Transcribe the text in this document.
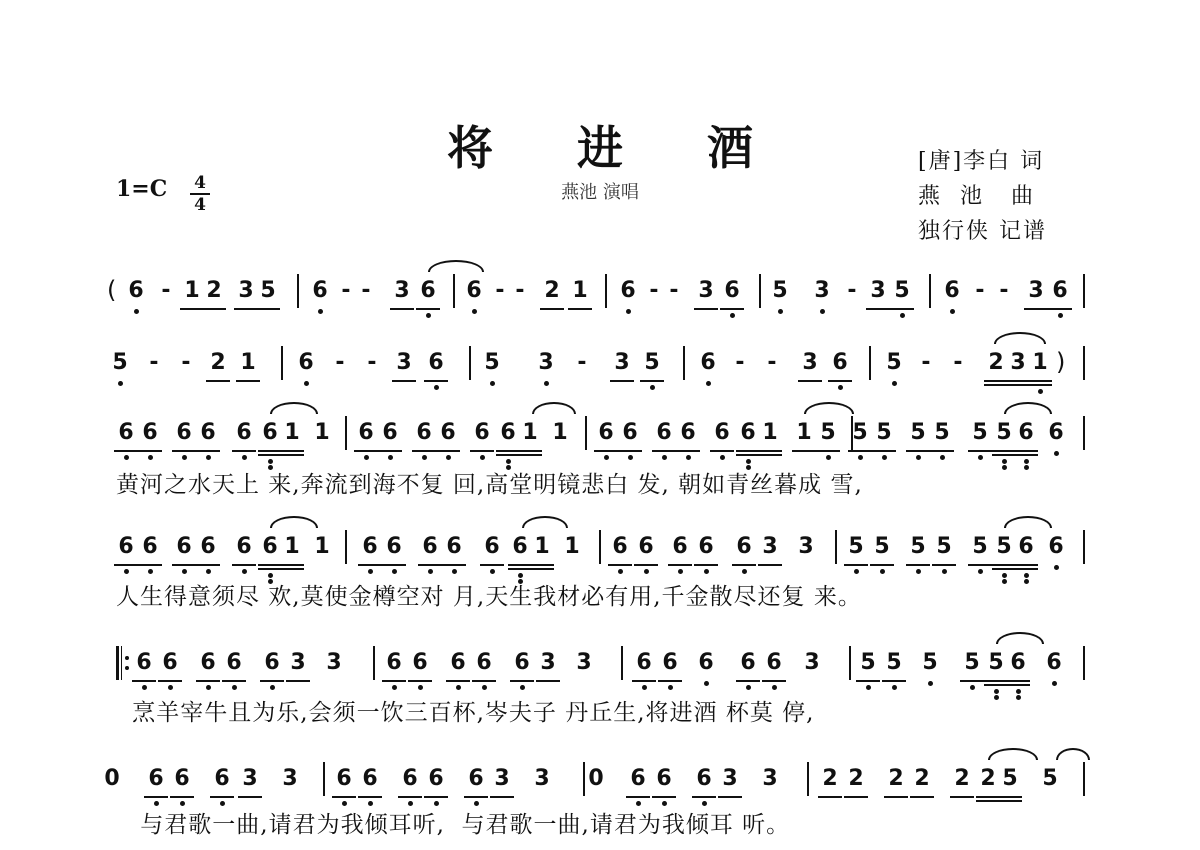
将 进 酒
燕池 演唱
[唐]李白 词
燕  池   曲
独行侠 记谱
1=C 4
4
( 6 - 1 2 3 5 6 - - 3 6 6 - - 2 1 6 - - 3 6 5 3 - 3 5 6 - - 3 6
5 - - 2 1 6 - - 3 6 5 3 - 3 5 6 - - 3 6 5 - - 2 3 1 )
6 6 6 6 6 6 1 1 6 6 6 6 6 6 1 1 6 6 6 6 6 6 1 1 5 5 5 5 5 5 5 6 6
6 6 6 6 6 6 1 1 6 6 6 6 6 6 1 1 6 6 6 6 6 3 3 5 5 5 5 5 5 6 6
6 6 6 6 6 3 3 6 6 6 6 6 3 3 6 6 6 6 6 3 5 5 5 5 5 6 6
0 6 6 6 3 3 6 6 6 6 6 3 3 0 6 6 6 3 3 2 2 2 2 2 2 5 5
黄河之水天上 来,奔流到海不复 回,高堂明镜悲白 发, 朝如青丝暮成 雪,
人生得意须尽 欢,莫使金樽空对 月,天生我材必有用,千金散尽还复 来。
烹羊宰牛且为乐,会须一饮三百杯,岑夫子 丹丘生,将进酒 杯莫 停,
与君歌一曲,请君为我倾耳听,  与君歌一曲,请君为我倾耳 听。
